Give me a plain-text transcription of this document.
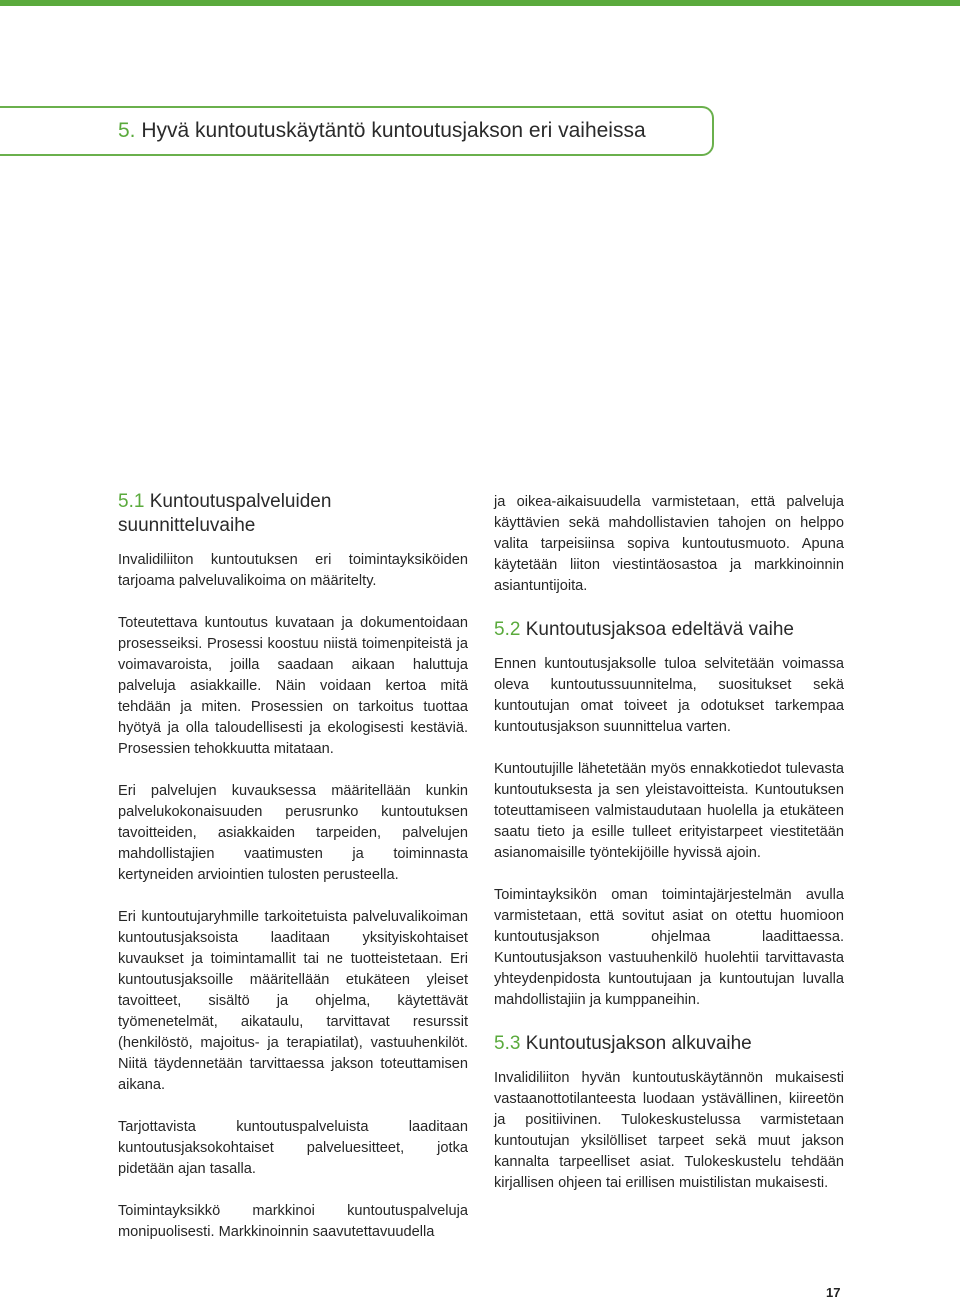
5. Hyvä kuntoutuskäytäntö kuntoutusjakson eri vaiheissa
5.1 Kuntoutuspalveluiden
suunnitteluvaihe

Invalidiliiton kuntoutuksen eri toimintayksiköiden tarjoama palveluvalikoima on määritelty.

Toteutettava kuntoutus kuvataan ja dokumentoidaan prosesseiksi. Prosessi koostuu niistä toimenpiteistä ja voimavaroista, joilla saadaan aikaan haluttuja palveluja asiakkaille. Näin voidaan kertoa mitä tehdään ja miten. Prosessien on tarkoitus tuottaa hyötyä ja olla taloudellisesti ja ekologisesti kestäviä. Prosessien tehokkuutta mitataan.

Eri palvelujen kuvauksessa määritellään kunkin palvelukokonaisuuden perusrunko kuntoutuksen tavoitteiden, asiakkaiden tarpeiden, palvelujen mahdollistajien vaatimusten ja toiminnasta kertyneiden arviointien tulosten perusteella.

Eri kuntoutujaryhmille tarkoitetuista palveluvalikoiman kuntoutusjaksoista laaditaan yksityiskohtaiset kuvaukset ja toimintamallit tai ne tuotteistetaan. Eri kuntoutusjaksoille määritellään etukäteen yleiset tavoitteet, sisältö ja ohjelma, käytettävät työmenetelmät, aikataulu, tarvittavat resurssit (henkilöstö, majoitus- ja terapiatilat), vastuuhenkilöt. Niitä täydennetään tarvittaessa jakson toteuttamisen aikana.

Tarjottavista kuntoutuspalveluista laaditaan kuntoutusjaksokohtaiset palveluesitteet, jotka pidetään ajan tasalla.

Toimintayksikkö markkinoi kuntoutuspalveluja monipuolisesti. Markkinoinnin saavutettavuudella

ja oikea-aikaisuudella varmistetaan, että palveluja käyttävien sekä mahdollistavien tahojen on helppo valita tarpeisiinsa sopiva kuntoutusmuoto. Apuna käytetään liiton viestintäosastoa ja markkinoinnin asiantuntijoita.

5.2 Kuntoutusjaksoa edeltävä vaihe

Ennen kuntoutusjaksolle tuloa selvitetään voimassa oleva kuntoutussuunnitelma, suositukset sekä kuntoutujan omat toiveet ja odotukset tarkempaa kuntoutusjakson suunnittelua varten.

Kuntoutujille lähetetään myös ennakkotiedot tulevasta kuntoutuksesta ja sen yleistavoitteista. Kuntoutuksen toteuttamiseen valmistaudutaan huolella ja etukäteen saatu tieto ja esille tulleet erityistarpeet viestitetään asianomaisille työntekijöille hyvissä ajoin.

Toimintayksikön oman toimintajärjestelmän avulla varmistetaan, että sovitut asiat on otettu huomioon kuntoutusjakson ohjelmaa laadittaessa. Kuntoutusjakson vastuuhenkilö huolehtii tarvittavasta yhteydenpidosta kuntoutujaan ja kuntoutujan luvalla mahdollistajiin ja kumppaneihin.

5.3 Kuntoutusjakson alkuvaihe

Invalidiliiton hyvän kuntoutuskäytännön mukaisesti vastaanottotilanteesta luodaan ystävällinen, kiireetön ja positiivinen. Tulokeskustelussa varmistetaan kuntoutujan yksilölliset tarpeet sekä muut jakson kannalta tarpeelliset asiat. Tulokeskustelu tehdään kirjallisen ohjeen tai erillisen muistilistan mukaisesti.

17
